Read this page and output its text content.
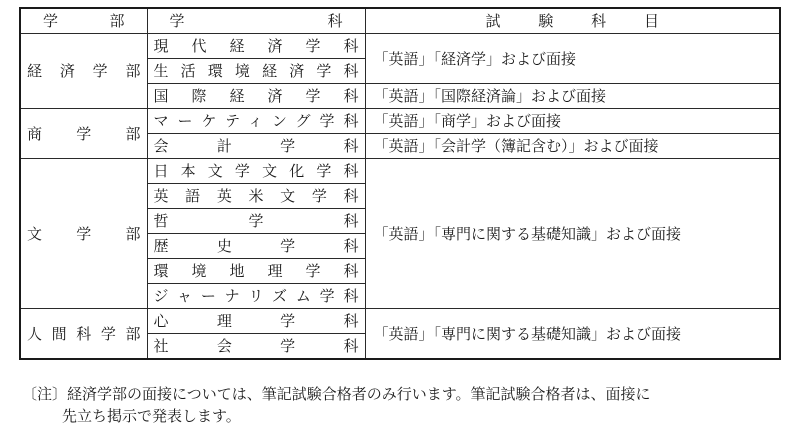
学　部	学　　科	試　験　科　目
経済学部	現代経済学科	「英語」「経済学」および面接
	生活環境経済学科	
	国際経済学科	「英語」「国際経済論」および面接
商学部	マーケティング学科	「英語」「商学」および面接
	会計学科	「英語」「会計学（簿記含む）」および面接
文学部	日本文学文化学科	「英語」「専門に関する基礎知識」および面接
	英語英米文学科	
	哲学科	
	歴史学科	
	環境地理学科	
	ジャーナリズム学科	
人間科学部	心理学科	「英語」「専門に関する基礎知識」および面接
	社会学科	
〔注〕経済学部の面接については、筆記試験合格者のみ行います。筆記試験合格者は、面接に
先立ち掲示で発表します。
